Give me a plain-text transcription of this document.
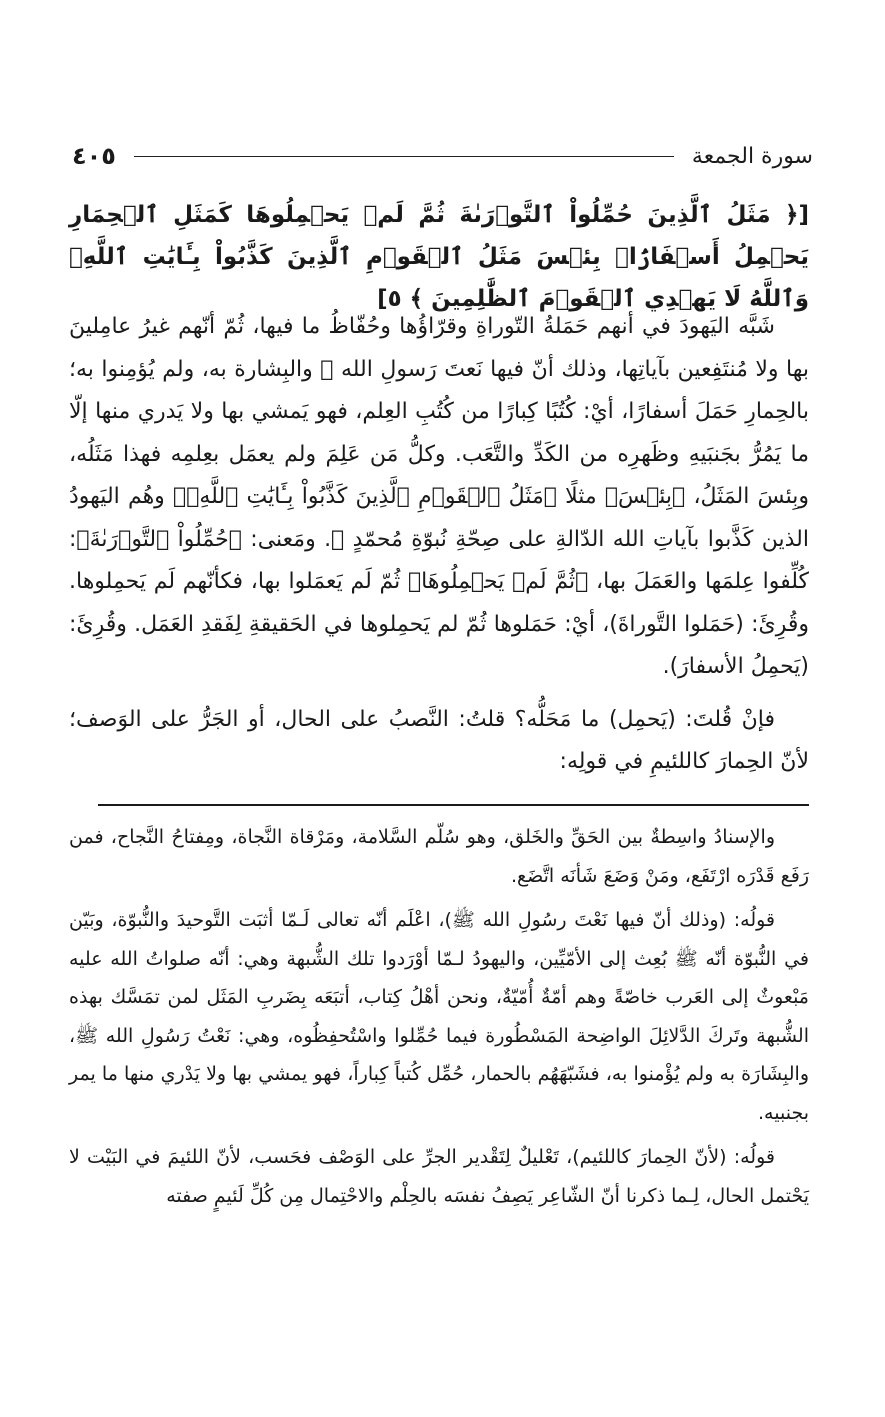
سورة الجمعة
٤٠٥
[﴿ مَثَلُ ٱلَّذِينَ حُمِّلُواْ ٱلتَّوۡرَىٰةَ ثُمَّ لَمۡ يَحۡمِلُوهَا كَمَثَلِ ٱلۡحِمَارِ يَحۡمِلُ أَسۡفَارَۢاۚ بِئۡسَ مَثَلُ ٱلۡقَوۡمِ ٱلَّذِينَ كَذَّبُواْ بِـَٔايَٰتِ ٱللَّهِۚ وَٱللَّهُ لَا يَهۡدِي ٱلۡقَوۡمَ ٱلظَّٰلِمِينَ ﴾ ٥]

شَبَّه اليَهودَ في أنهم حَمَلةُ التّوراةِ وقرّاؤُها وحُفّاظُ ما فيها، ثُمّ أنّهم غيرُ عامِلينَ بها ولا مُنتَفِعين بآياتِها، وذلك أنّ فيها نَعتَ رَسولِ الله ﷺ والبِشارة به، ولم يُؤمِنوا به؛ بالحِمارِ حَمَلَ أسفارًا، أيْ: كُتُبًا كِبارًا من كُتُبِ العِلم، فهو يَمشي بها ولا يَدري منها إلّا ما يَمُرُّ بجَنبَيهِ وظَهرِه من الكَدِّ والتَّعَب. وكلُّ مَن عَلِمَ ولم يعمَل بعِلمِه فهذا مَثَلُه، وبِئسَ المَثَلُ، ﴿بِئۡسَ﴾ مثلًا ﴿مَثَلُ ٱلۡقَوۡمِ ٱلَّذِينَ كَذَّبُواْ بِـَٔايَٰتِ ٱللَّهِۚ﴾ وهُم اليَهودُ الذين كَذَّبوا بآياتِ الله الدّالةِ على صِحّةِ نُبوّةِ مُحمّدٍ ﷺ. ومَعنى: ﴿حُمِّلُواْ ٱلتَّوۡرَىٰةَ﴾: كُلِّفوا عِلمَها والعَمَلَ بها، ﴿ثُمَّ لَمۡ يَحۡمِلُوهَا﴾ ثُمّ لَم يَعمَلوا بها، فكأنّهم لَم يَحمِلوها. وقُرِئَ: (حَمَلوا التَّوراةَ)، أيْ: حَمَلوها ثُمّ لم يَحمِلوها في الحَقيقةِ لِفَقدِ العَمَل. وقُرِئَ: (يَحمِلُ الأسفارَ).

فإنْ قُلتَ: (يَحمِل) ما مَحَلُّه؟ قلتُ: النَّصبُ على الحال، أو الجَرُّ على الوَصف؛ لأنّ الحِمارَ كاللئيمِ في قولِه:

والإسنادُ واسِطةٌ بين الحَقِّ والخَلق، وهو سُلّم السَّلامة، ومَرْقاة النَّجاة، ومِفتاحُ النَّجاح، فمن رَفَع قَدْرَه ارْتَفَع، ومَنْ وَضَعَ شَأنَه اتَّضَع.

قولُه: (وذلك أنّ فيها نَعْتَ رسُولِ الله ﷺ)، اعْلَم أنّه تعالى لَـمّا أثبَت التَّوحيدَ والنُّبوّة، وبَيّن في النُّبوّة أنّه ﷺ بُعِث إلى الأمّيِّين، واليهودُ لـمّا أوْرَدوا تلك الشُّبهة وهي: أنّه صلواتُ الله عليه مَبْعوثٌ إلى العَرب خاصّةً وهم أمّةٌ أُمّيّةٌ، ونحن أهْلُ كِتاب، أتبَعَه بِضَربِ المَثَل لمن تمَسَّك بهذه الشُّبهة وتَركَ الدَّلائِلَ الواضِحة المَسْطُورة فيما حُمِّلوا واسْتُحفِظُوه، وهي: نَعْتُ رَسُولِ الله ﷺ، والبِشَارَة به ولم يُؤْمنوا به، فشَبّهَهُم بالحمار، حُمِّل كُتباً كِباراً، فهو يمشي بها ولا يَدْري منها ما يمر بجنبيه.

قولُه: (لأنّ الحِمارَ كاللئيم)، تَعْليلٌ لِتَقْدير الجرِّ على الوَصْف فحَسب، لأنّ اللئيمَ في البَيْت لا يَحْتمل الحال، لِـما ذكرنا أنّ الشّاعِر يَصِفُ نفسَه بالحِلْم والاحْتِمال مِن كُلِّ لَئيمٍ صفته
